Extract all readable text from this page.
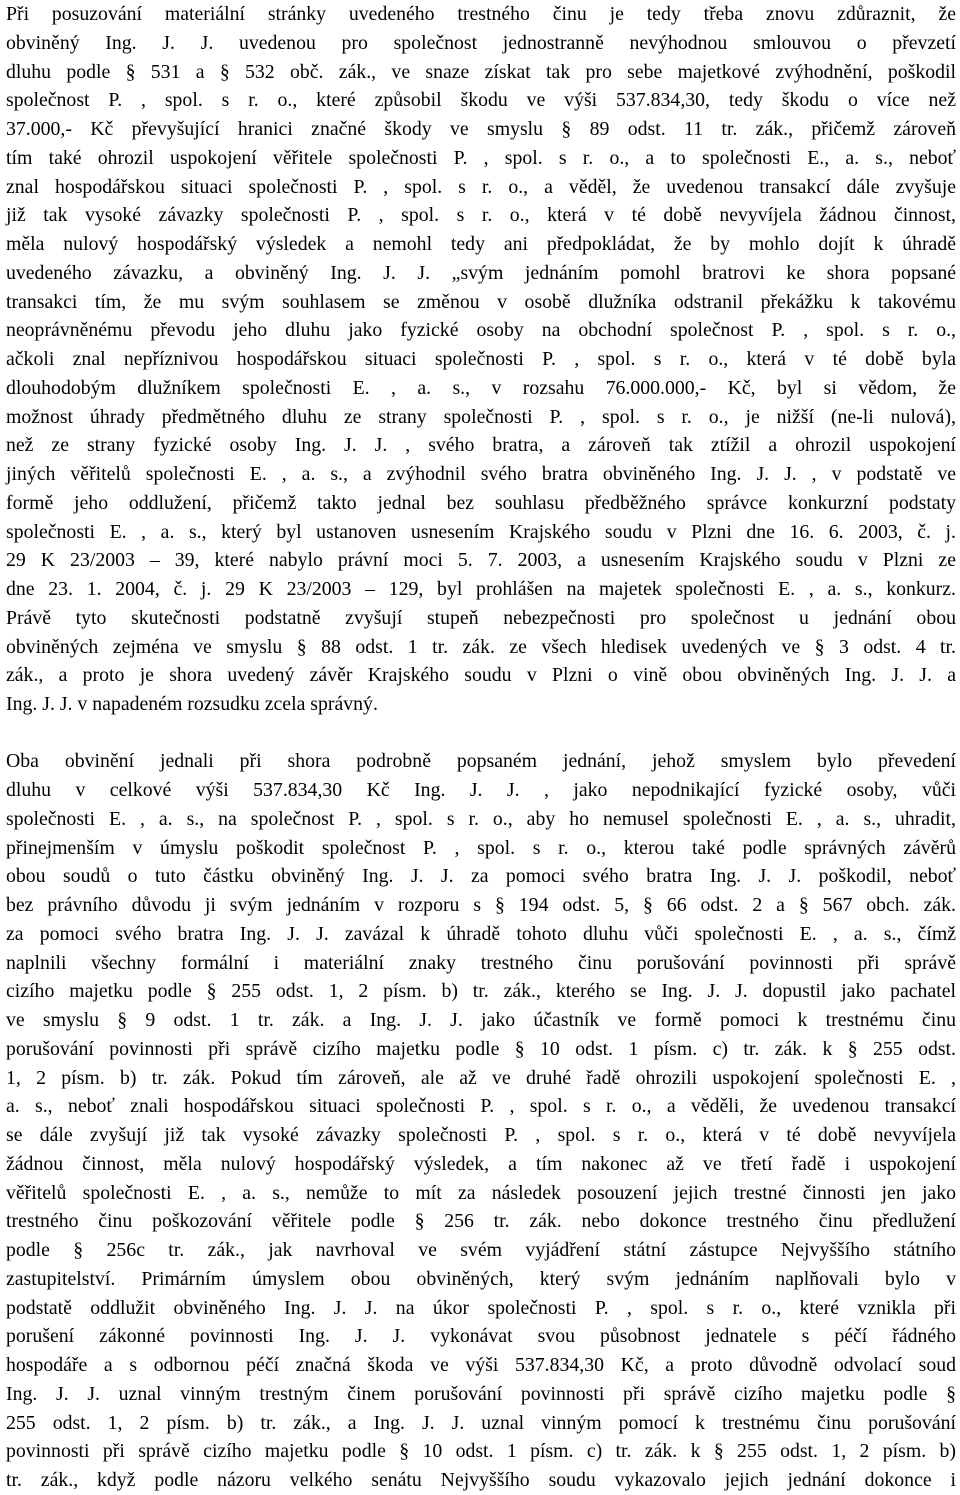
Při posuzování materiální stránky uvedeného trestného činu je tedy třeba znovu zdůraznit, že
obviněný Ing. J. J. uvedenou pro společnost jednostranně nevýhodnou smlouvou o převzetí
dluhu podle § 531 a § 532 obč. zák., ve snaze získat tak pro sebe majetkové zvýhodnění, poškodil
společnost P. , spol. s r. o., které způsobil škodu ve výši 537.834,30, tedy škodu o více než
37.000,- Kč převyšující hranici značné škody ve smyslu § 89 odst. 11 tr. zák., přičemž zároveň
tím také ohrozil uspokojení věřitele společnosti P. , spol. s r. o., a to společnosti E., a. s., neboť
znal hospodářskou situaci společnosti P. , spol. s r. o., a věděl, že uvedenou transakcí dále zvyšuje
již tak vysoké závazky společnosti P. , spol. s r. o., která v té době nevyvíjela žádnou činnost,
měla nulový hospodářský výsledek a nemohl tedy ani předpokládat, že by mohlo dojít k úhradě
uvedeného závazku, a obviněný Ing. J. J. „svým jednáním pomohl bratrovi ke shora popsané
transakci tím, že mu svým souhlasem se změnou v osobě dlužníka odstranil překážku k takovému
neoprávněnému převodu jeho dluhu jako fyzické osoby na obchodní společnost P. , spol. s r. o.,
ačkoli znal nepříznivou hospodářskou situaci společnosti P. , spol. s r. o., která v té době byla
dlouhodobým dlužníkem společnosti E. , a. s., v rozsahu 76.000.000,- Kč, byl si vědom, že
možnost úhrady předmětného dluhu ze strany společnosti P. , spol. s r. o., je nižší (ne-li nulová),
než ze strany fyzické osoby Ing. J. J. , svého bratra, a zároveň tak ztížil a ohrozil uspokojení
jiných věřitelů společnosti E. , a. s., a zvýhodnil svého bratra obviněného Ing. J. J. , v podstatě ve
formě jeho oddlužení, přičemž takto jednal bez souhlasu předběžného správce konkurzní podstaty
společnosti E. , a. s., který byl ustanoven usnesením Krajského soudu v Plzni dne 16. 6. 2003, č. j.
29 K 23/2003 – 39, které nabylo právní moci 5. 7. 2003, a usnesením Krajského soudu v Plzni ze
dne 23. 1. 2004, č. j. 29 K 23/2003 – 129, byl prohlášen na majetek společnosti E. , a. s., konkurz.
Právě tyto skutečnosti podstatně zvyšují stupeň nebezpečnosti pro společnost u jednání obou
obviněných zejména ve smyslu § 88 odst. 1 tr. zák. ze všech hledisek uvedených ve § 3 odst. 4 tr.
zák., a proto je shora uvedený závěr Krajského soudu v Plzni o vině obou obviněných Ing. J. J. a
Ing. J. J. v napadeném rozsudku zcela správný.
Oba obvinění jednali při shora podrobně popsaném jednání, jehož smyslem bylo převedení
dluhu v celkové výši 537.834,30 Kč Ing. J. J. , jako nepodnikající fyzické osoby, vůči
společnosti E. , a. s., na společnost P. , spol. s r. o., aby ho nemusel společnosti E. , a. s., uhradit,
přinejmenším v úmyslu poškodit společnost P. , spol. s r. o., kterou také podle správných závěrů
obou soudů o tuto částku obviněný Ing. J. J. za pomoci svého bratra Ing. J. J. poškodil, neboť
bez právního důvodu ji svým jednáním v rozporu s § 194 odst. 5, § 66 odst. 2 a § 567 obch. zák.
za pomoci svého bratra Ing. J. J. zavázal k úhradě tohoto dluhu vůči společnosti E. , a. s., čímž
naplnili všechny formální i materiální znaky trestného činu porušování povinnosti při správě
cizího majetku podle § 255 odst. 1, 2 písm. b) tr. zák., kterého se Ing. J. J. dopustil jako pachatel
ve smyslu § 9 odst. 1 tr. zák. a Ing. J. J. jako účastník ve formě pomoci k trestnému činu
porušování povinnosti při správě cizího majetku podle § 10 odst. 1 písm. c) tr. zák. k § 255 odst.
1, 2 písm. b) tr. zák. Pokud tím zároveň, ale až ve druhé řadě ohrozili uspokojení společnosti E. ,
a. s., neboť znali hospodářskou situaci společnosti P. , spol. s r. o., a věděli, že uvedenou transakcí
se dále zvyšují již tak vysoké závazky společnosti P. , spol. s r. o., která v té době nevyvíjela
žádnou činnost, měla nulový hospodářský výsledek, a tím nakonec až ve třetí řadě i uspokojení
věřitelů společnosti E. , a. s., nemůže to mít za následek posouzení jejich trestné činnosti jen jako
trestného činu poškozování věřitele podle § 256 tr. zák. nebo dokonce trestného činu předlužení
podle § 256c tr. zák., jak navrhoval ve svém vyjádření státní zástupce Nejvyššího státního
zastupitelství. Primárním úmyslem obou obviněných, který svým jednáním naplňovali bylo v
podstatě oddlužit obviněného Ing. J. J. na úkor společnosti P. , spol. s r. o., které vznikla při
porušení zákonné povinnosti Ing. J. J. vykonávat svou působnost jednatele s péčí řádného
hospodáře a s odbornou péčí značná škoda ve výši 537.834,30 Kč, a proto důvodně odvolací soud
Ing. J. J. uznal vinným trestným činem porušování povinnosti při správě cizího majetku podle §
255 odst. 1, 2 písm. b) tr. zák., a Ing. J. J. uznal vinným pomocí k trestnému činu porušování
povinnosti při správě cizího majetku podle § 10 odst. 1 písm. c) tr. zák. k § 255 odst. 1, 2 písm. b)
tr. zák., když podle názoru velkého senátu Nejvyššího soudu vykazovalo jejich jednání dokonce i
